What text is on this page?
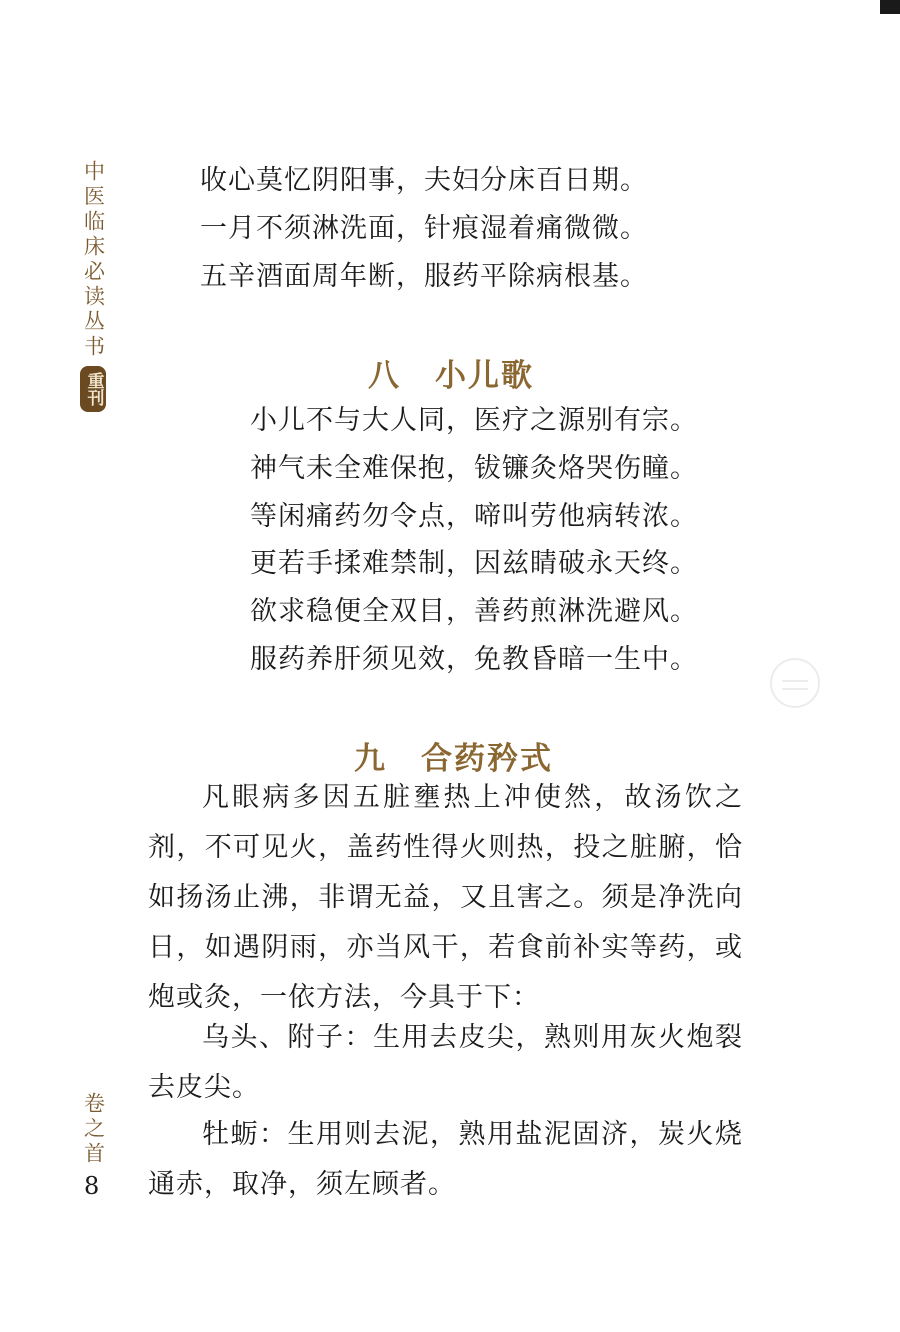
中医临床必读丛书
重刊
卷之首
8
收心莫忆阴阳事，夫妇分床百日期。
一月不须淋洗面，针痕湿着痛微微。
五辛酒面周年断，服药平除病根基。
八 小儿歌
小儿不与大人同，医疗之源别有宗。
神气未全难保抱，钹镰灸烙哭伤瞳。
等闲痛药勿令点，啼叫劳他病转浓。
更若手揉难禁制，因兹睛破永天终。
欲求稳便全双目，善药煎淋洗避风。
服药养肝须见效，免教昏暗一生中。
九 合药矜式
凡眼病多因五脏壅热上冲使然，故汤饮之剂，不可见火，盖药性得火则热，投之脏腑，恰如扬汤止沸，非谓无益，又且害之。须是净洗向日，如遇阴雨，亦当风干，若食前补实等药，或炮或灸，一依方法，今具于下：
乌头、附子：生用去皮尖，熟则用灰火炮裂去皮尖。
牡蛎：生用则去泥，熟用盐泥固济，炭火烧通赤，取净，须左顾者。
